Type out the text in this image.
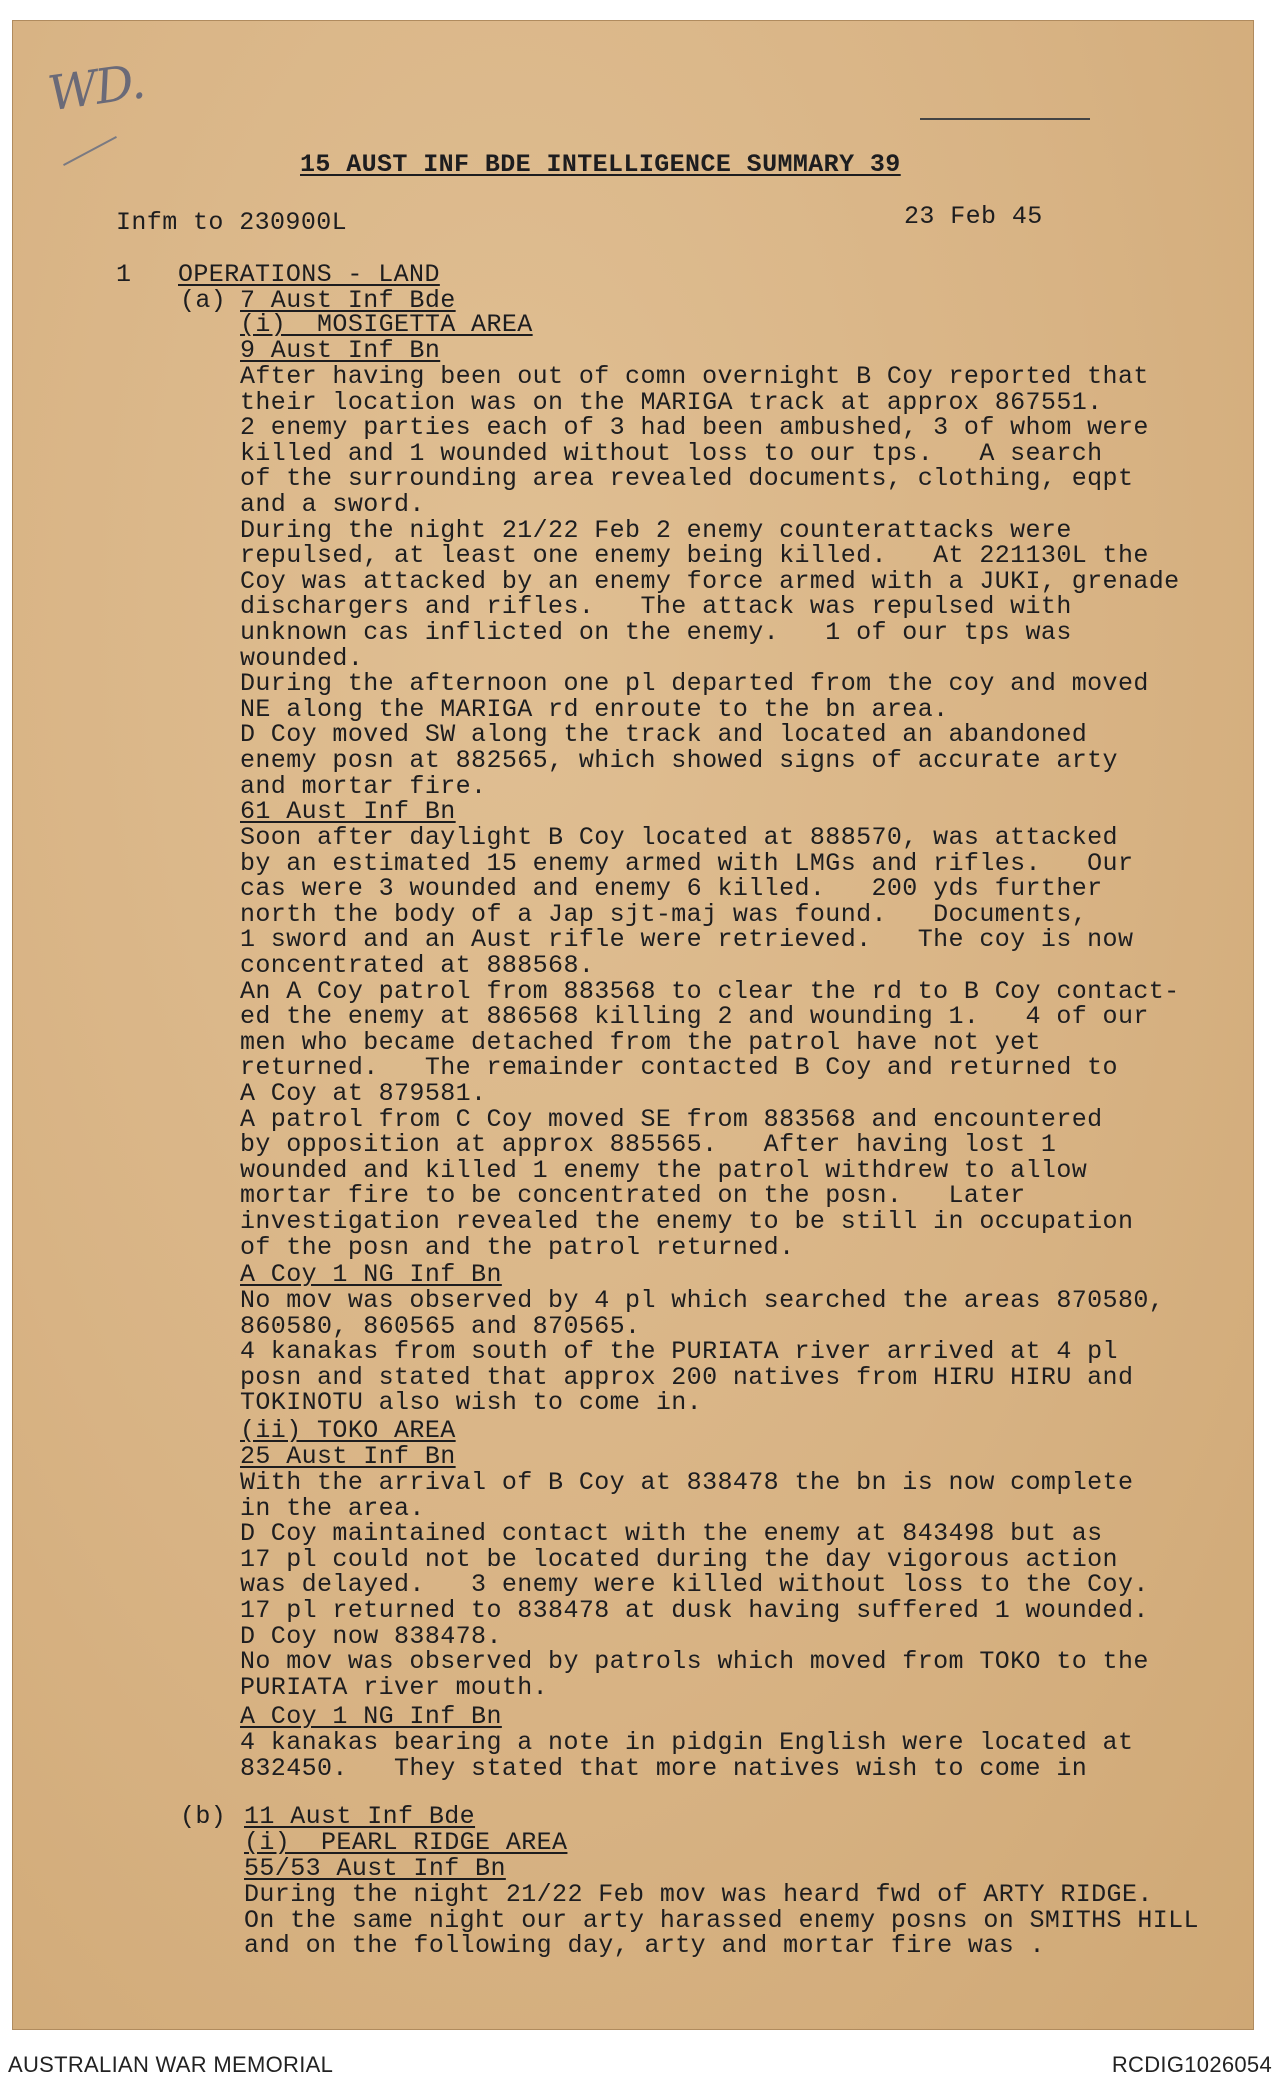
WD.
15 AUST INF BDE INTELLIGENCE SUMMARY 39
Infm to 230900L	23 Feb 45
1 OPERATIONS - LAND
(a) 7 Aust Inf Bde
(i)  MOSIGETTA AREA
9 Aust Inf Bn
After having been out of comn overnight B Coy reported that
their location was on the MARIGA track at approx 867551.
2 enemy parties each of 3 had been ambushed, 3 of whom were
killed and 1 wounded without loss to our tps.   A search
of the surrounding area revealed documents, clothing, eqpt
and a sword.
During the night 21/22 Feb 2 enemy counterattacks were
repulsed, at least one enemy being killed.   At 221130L the
Coy was attacked by an enemy force armed with a JUKI, grenade
dischargers and rifles.   The attack was repulsed with
unknown cas inflicted on the enemy.   1 of our tps was
wounded.
During the afternoon one pl departed from the coy and moved
NE along the MARIGA rd enroute to the bn area.
D Coy moved SW along the track and located an abandoned
enemy posn at 882565, which showed signs of accurate arty
and mortar fire.
61 Aust Inf Bn
Soon after daylight B Coy located at 888570, was attacked
by an estimated 15 enemy armed with LMGs and rifles.   Our
cas were 3 wounded and enemy 6 killed.   200 yds further
north the body of a Jap sjt-maj was found.   Documents,
1 sword and an Aust rifle were retrieved.   The coy is now
concentrated at 888568.
An A Coy patrol from 883568 to clear the rd to B Coy contact-
ed the enemy at 886568 killing 2 and wounding 1.   4 of our
men who became detached from the patrol have not yet
returned.   The remainder contacted B Coy and returned to
A Coy at 879581.
A patrol from C Coy moved SE from 883568 and encountered
by opposition at approx 885565.   After having lost 1
wounded and killed 1 enemy the patrol withdrew to allow
mortar fire to be concentrated on the posn.   Later
investigation revealed the enemy to be still in occupation
of the posn and the patrol returned.
A Coy 1 NG Inf Bn
No mov was observed by 4 pl which searched the areas 870580,
860580, 860565 and 870565.
4 kanakas from south of the PURIATA river arrived at 4 pl
posn and stated that approx 200 natives from HIRU HIRU and
TOKINOTU also wish to come in.
(ii) TOKO AREA
25 Aust Inf Bn
With the arrival of B Coy at 838478 the bn is now complete
in the area.
D Coy maintained contact with the enemy at 843498 but as
17 pl could not be located during the day vigorous action
was delayed.   3 enemy were killed without loss to the Coy.
17 pl returned to 838478 at dusk having suffered 1 wounded.
D Coy now 838478.
No mov was observed by patrols which moved from TOKO to the
PURIATA river mouth.
A Coy 1 NG Inf Bn
4 kanakas bearing a note in pidgin English were located at
832450.   They stated that more natives wish to come in
(b) 11 Aust Inf Bde
(i)  PEARL RIDGE AREA
55/53 Aust Inf Bn
During the night 21/22 Feb mov was heard fwd of ARTY RIDGE.
On the same night our arty harassed enemy posns on SMITHS HILL
and on the following day, arty and mortar fire was .
AUSTRALIAN WAR MEMORIAL	RCDIG1026054
